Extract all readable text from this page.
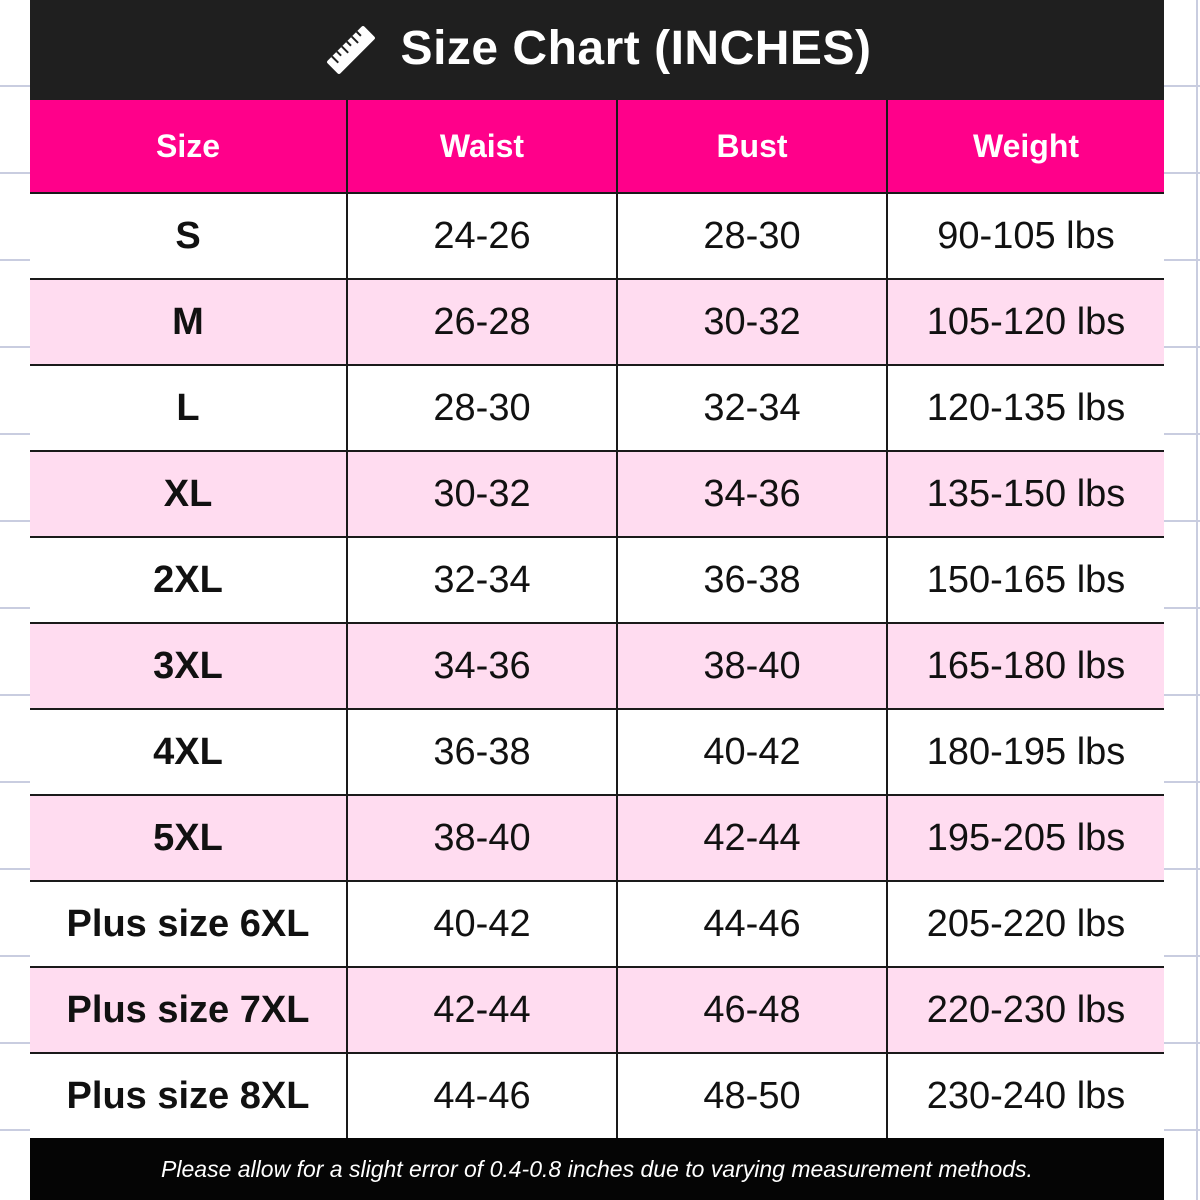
Size Chart (INCHES)
Size	Waist	Bust	Weight
S	24-26	28-30	90-105 lbs
M	26-28	30-32	105-120 lbs
L	28-30	32-34	120-135 lbs
XL	30-32	34-36	135-150 lbs
2XL	32-34	36-38	150-165 lbs
3XL	34-36	38-40	165-180 lbs
4XL	36-38	40-42	180-195 lbs
5XL	38-40	42-44	195-205 lbs
Plus size 6XL	40-42	44-46	205-220 lbs
Plus size 7XL	42-44	46-48	220-230 lbs
Plus size 8XL	44-46	48-50	230-240 lbs
Please allow for a slight error of 0.4-0.8 inches due to varying measurement methods.
